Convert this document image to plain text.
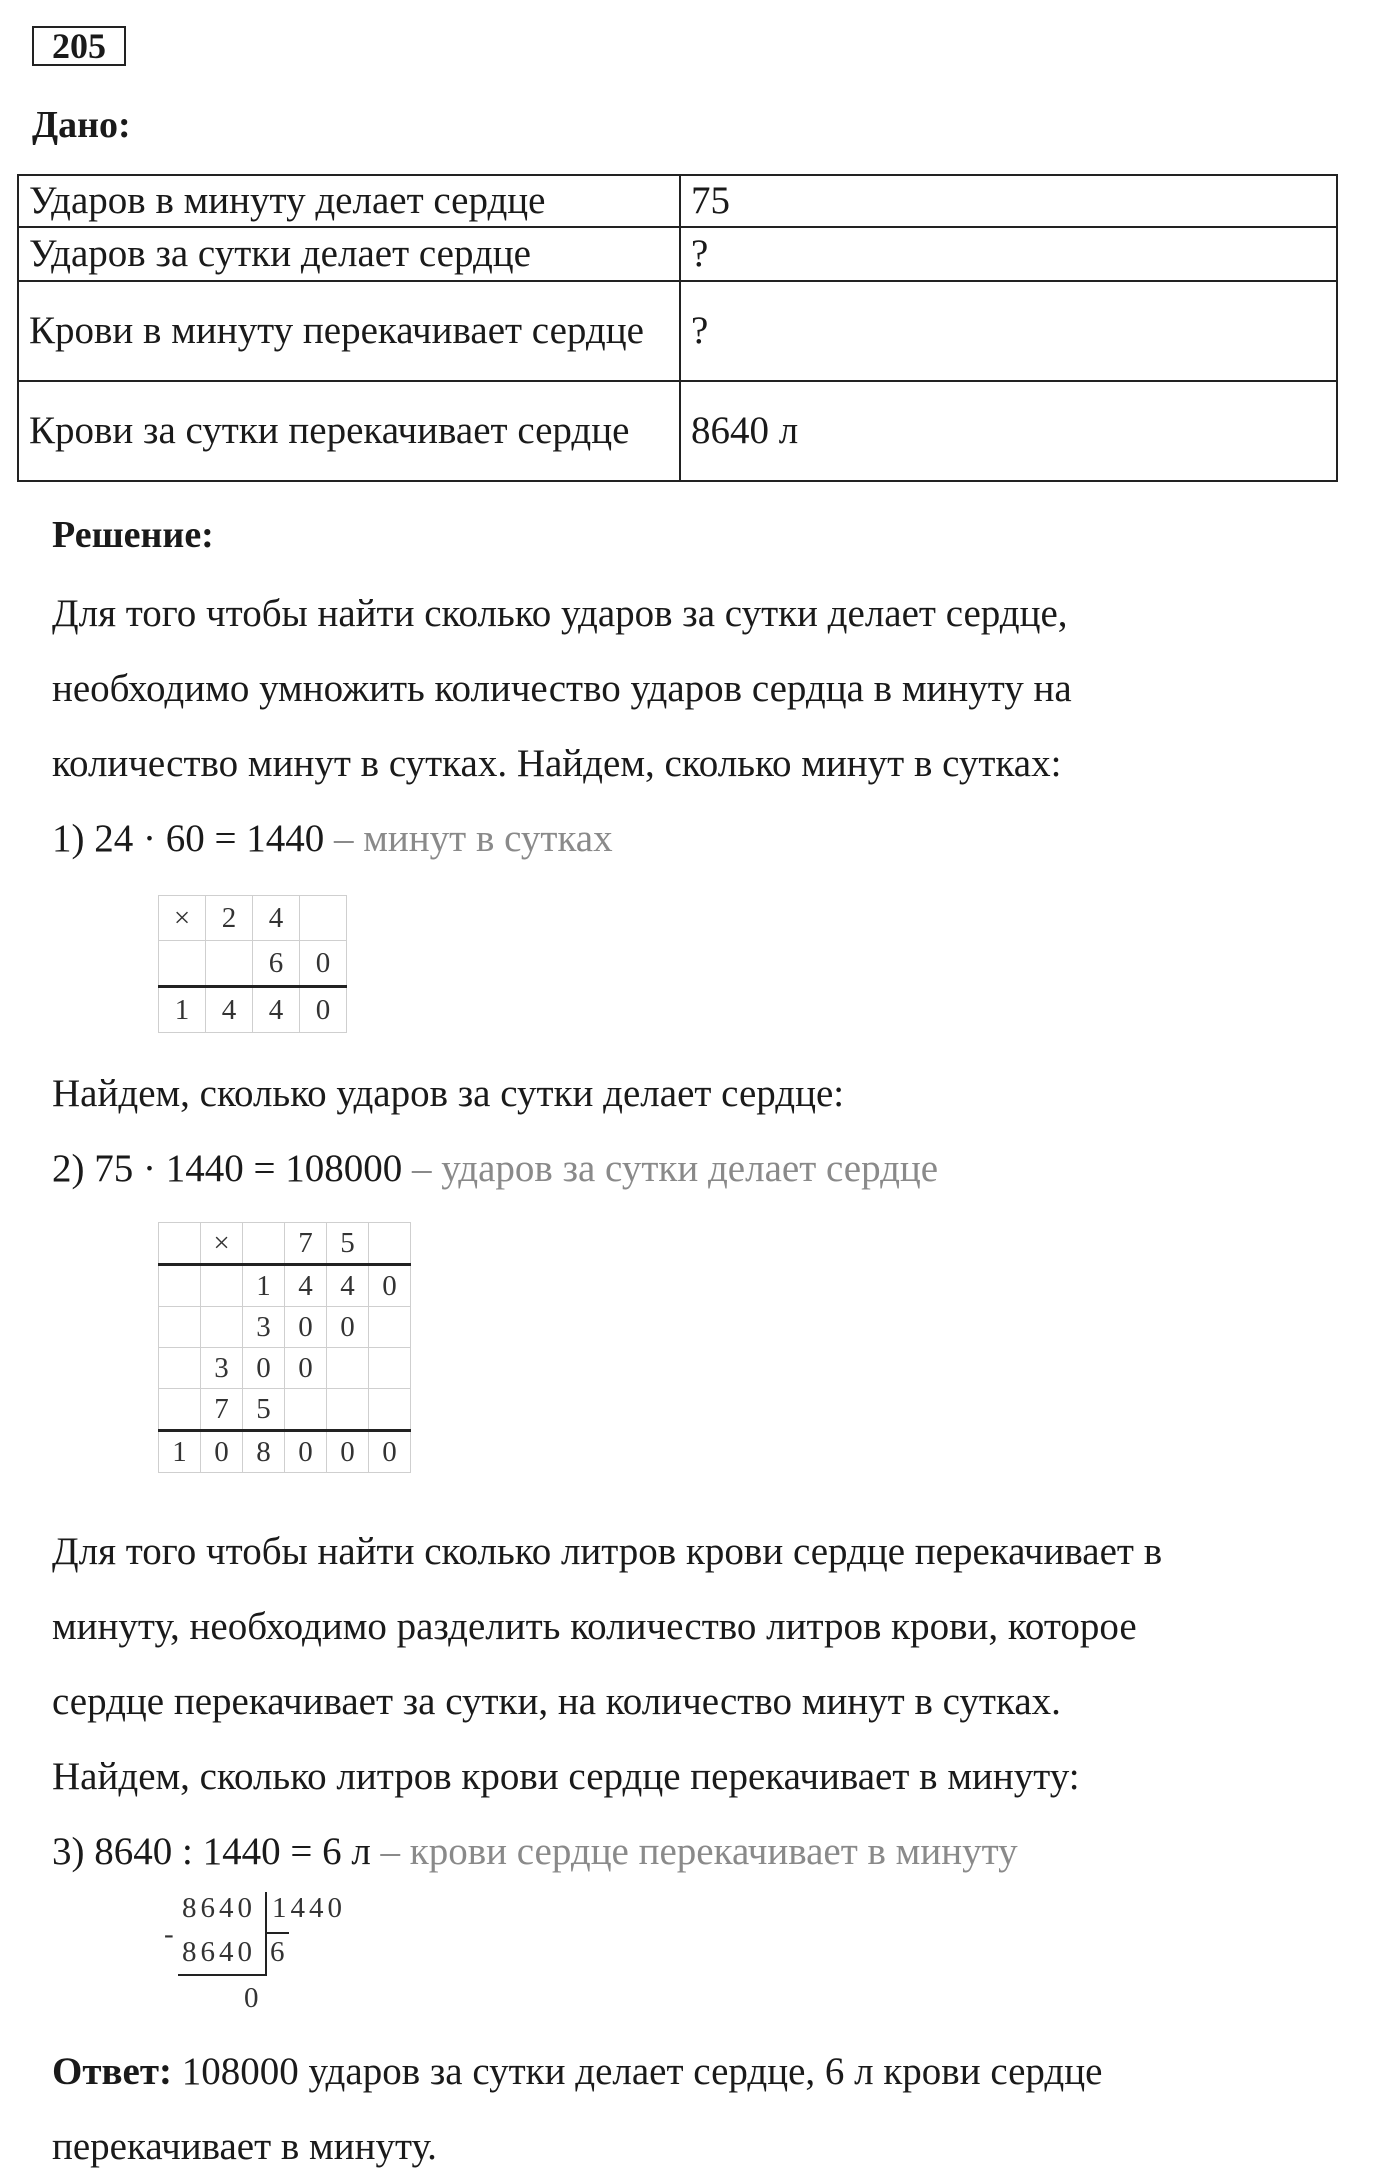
205
Дано:
Ударов в минуту делает сердце	75
Ударов за сутки делает сердце	?
Крови в минуту перекачивает сердце	?
Крови за сутки перекачивает сердце	8640 л
Решение:
Для того чтобы найти сколько ударов за сутки делает сердце,
необходимо умножить количество ударов сердца в минуту на
количество минут в сутках. Найдем, сколько минут в сутках:
1) 24 · 60 = 1440 – минут в сутках
×	2	4	
		6	0
1	4	4	0
Найдем, сколько ударов за сутки делает сердце:
2) 75 · 1440 = 108000 – ударов за сутки делает сердце
	×		7	5	
		1	4	4	0
		3	0	0	
	3	0	0		
	7	5			
1	0	8	0	0	0
Для того чтобы найти сколько литров крови сердце перекачивает в
минуту, необходимо разделить количество литров крови, которое
сердце перекачивает за сутки, на количество минут в сутках.
Найдем, сколько литров крови сердце перекачивает в минуту:
3) 8640 : 1440 = 6 л – крови сердце перекачивает в минуту
8640 1440
-
8640 6
0
Ответ: 108000 ударов за сутки делает сердце, 6 л крови сердце
перекачивает в минуту.
